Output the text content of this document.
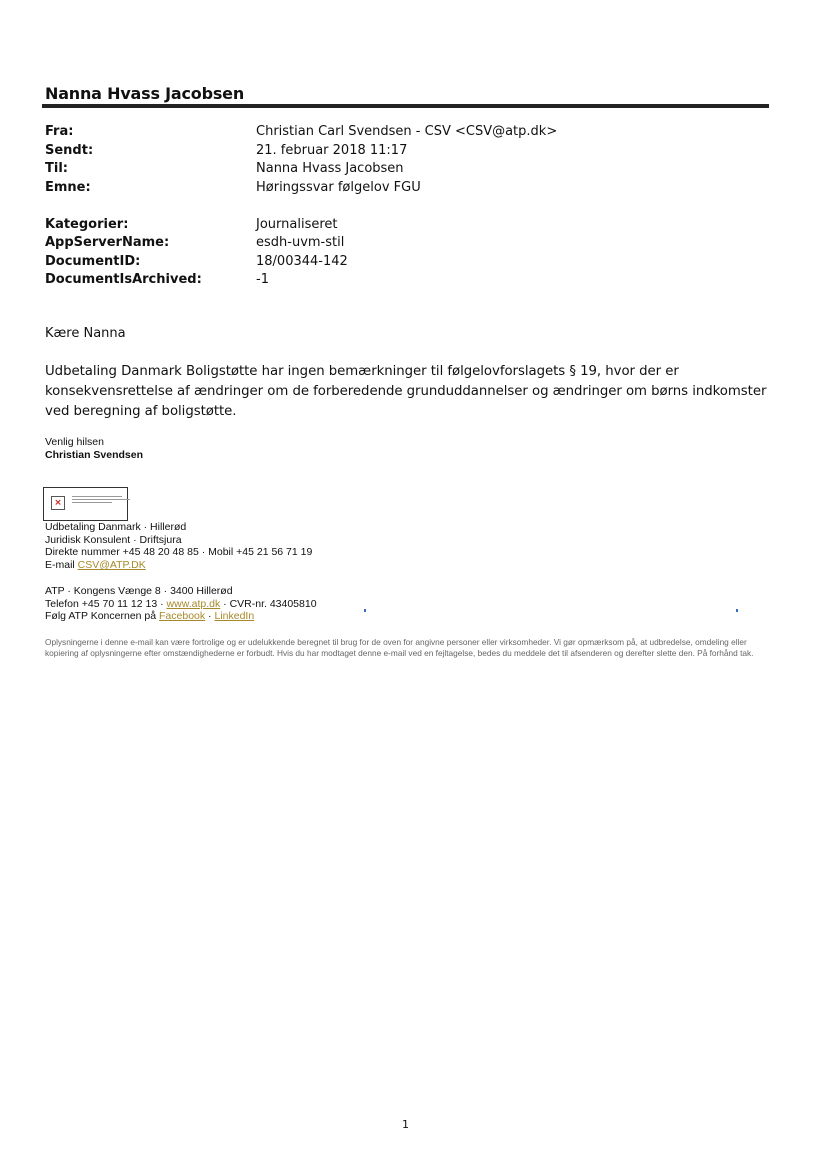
Nanna Hvass Jacobsen
Fra:	Christian Carl Svendsen - CSV <CSV@atp.dk>
Sendt:	21. februar 2018 11:17
Til:	Nanna Hvass Jacobsen
Emne:	Høringssvar følgelov FGU
Kategorier:	Journaliseret
AppServerName:	esdh-uvm-stil
DocumentID:	18/00344-142
DocumentIsArchived:	-1
Kære Nanna
Udbetaling Danmark Boligstøtte har ingen bemærkninger til følgelovforslagets § 19, hvor der er konsekvensrettelse af ændringer om de forberedende grunduddannelser og ændringer om børns indkomster ved beregning af boligstøtte.
Venlig hilsen
Christian Svendsen
×
Udbetaling Danmark · Hillerød
Juridisk Konsulent · Driftsjura
Direkte nummer +45 48 20 48 85 · Mobil +45 21 56 71 19
E-mail CSV@ATP.DK
ATP · Kongens Vænge 8 · 3400 Hillerød
Telefon +45 70 11 12 13 · www.atp.dk · CVR-nr. 43405810
Følg ATP Koncernen på Facebook · LinkedIn
Oplysningerne i denne e-mail kan være fortrolige og er udelukkende beregnet til brug for de oven for angivne personer eller virksomheder. Vi gør opmærksom på, at udbredelse, omdeling eller kopiering af oplysningerne efter omstændighederne er forbudt. Hvis du har modtaget denne e-mail ved en fejltagelse, bedes du meddele det til afsenderen og derefter slette den. På forhånd tak.
1
